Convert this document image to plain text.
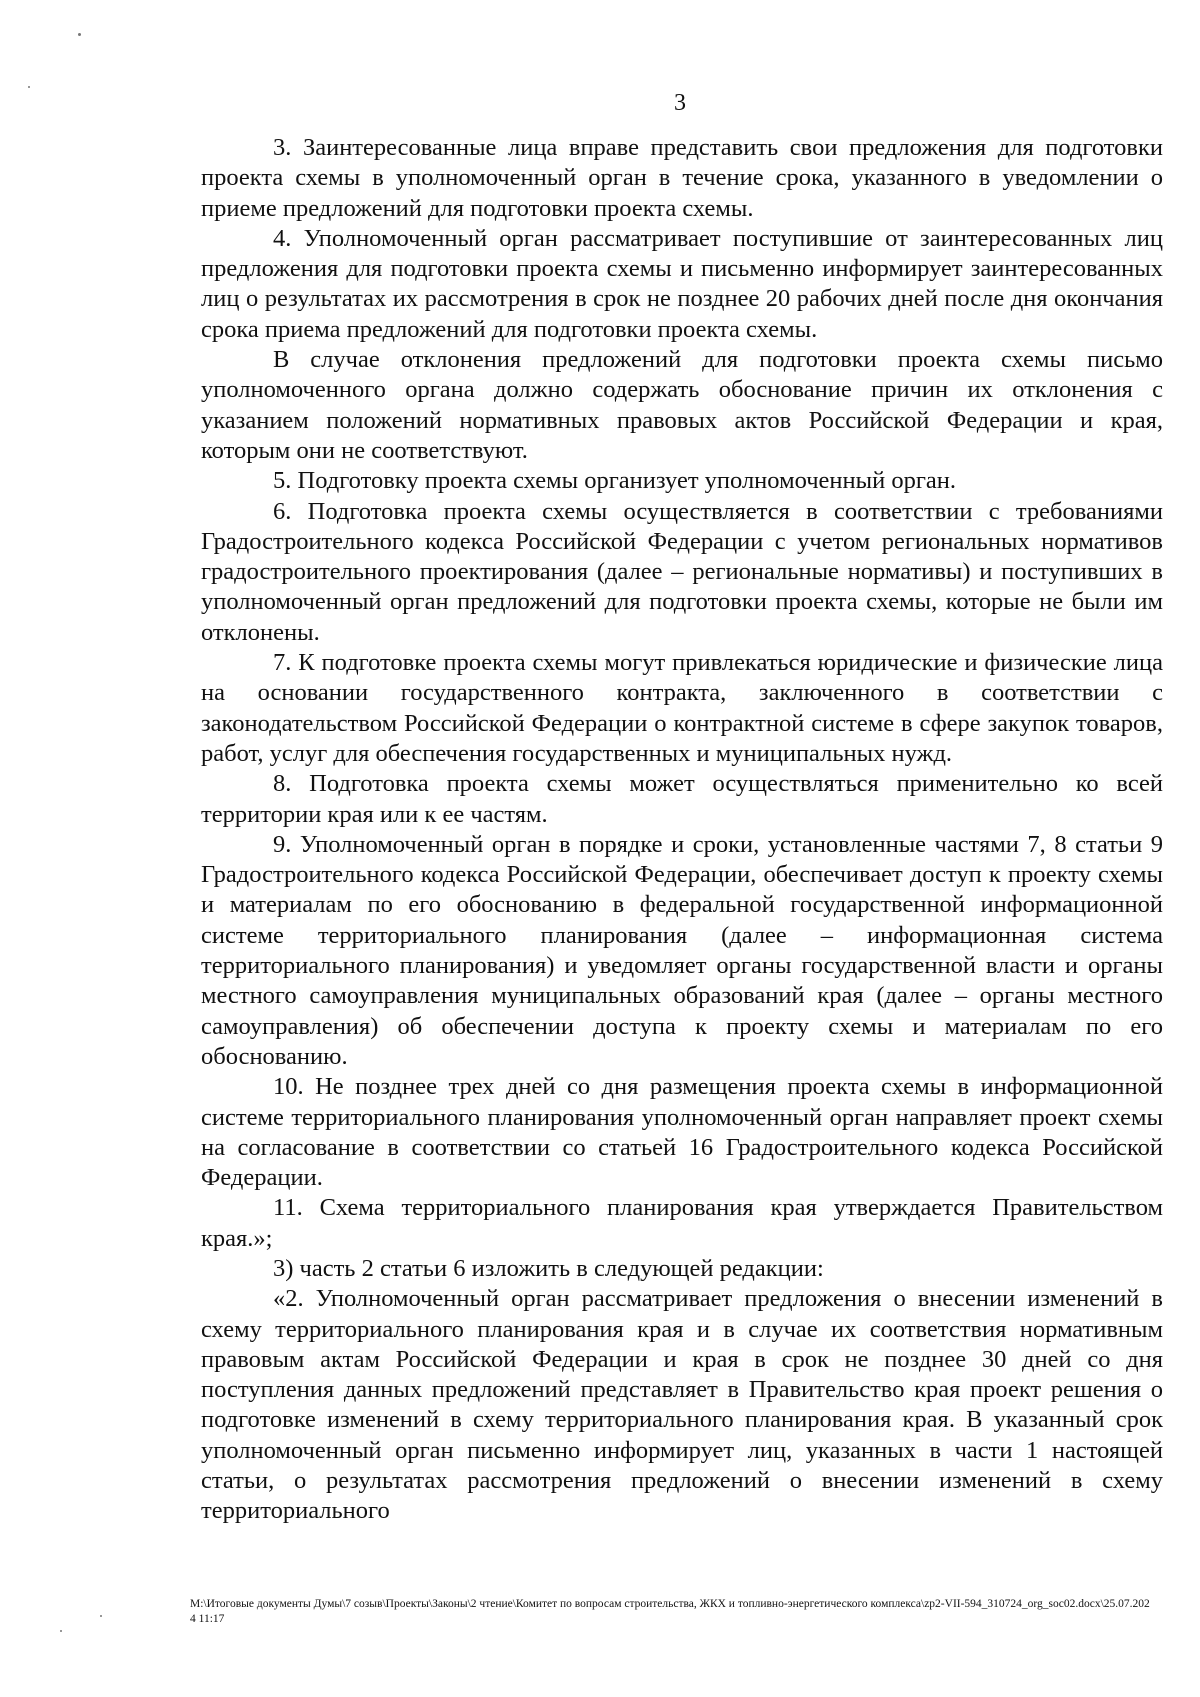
3

3. Заинтересованные лица вправе представить свои предложения для подготовки проекта схемы в уполномоченный орган в течение срока, указанного в уведомлении о приеме предложений для подготовки проекта схемы.

4. Уполномоченный орган рассматривает поступившие от заинтересованных лиц предложения для подготовки проекта схемы и письменно информирует заинтересованных лиц о результатах их рассмотрения в срок не позднее 20 рабочих дней после дня окончания срока приема предложений для подготовки проекта схемы.

В случае отклонения предложений для подготовки проекта схемы письмо уполномоченного органа должно содержать обоснование причин их отклонения с указанием положений нормативных правовых актов Российской Федерации и края, которым они не соответствуют.

5. Подготовку проекта схемы организует уполномоченный орган.

6. Подготовка проекта схемы осуществляется в соответствии с требованиями Градостроительного кодекса Российской Федерации с учетом региональных нормативов градостроительного проектирования (далее – региональные нормативы) и поступивших в уполномоченный орган предложений для подготовки проекта схемы, которые не были им отклонены.

7. К подготовке проекта схемы могут привлекаться юридические и физические лица на основании государственного контракта, заключенного в соответствии с законодательством Российской Федерации о контрактной системе в сфере закупок товаров, работ, услуг для обеспечения государственных и муниципальных нужд.

8. Подготовка проекта схемы может осуществляться применительно ко всей территории края или к ее частям.

9. Уполномоченный орган в порядке и сроки, установленные частями 7, 8 статьи 9 Градостроительного кодекса Российской Федерации, обеспечивает доступ к проекту схемы и материалам по его обоснованию в федеральной государственной информационной системе территориального планирования (далее – информационная система территориального планирования) и уведомляет органы государственной власти и органы местного самоуправления муниципальных образований края (далее – органы местного самоуправления) об обеспечении доступа к проекту схемы и материалам по его обоснованию.

10. Не позднее трех дней со дня размещения проекта схемы в информационной системе территориального планирования уполномоченный орган направляет проект схемы на согласование в соответствии со статьей 16 Градостроительного кодекса Российской Федерации.

11. Схема территориального планирования края утверждается Правительством края.»;

3) часть 2 статьи 6 изложить в следующей редакции:

«2. Уполномоченный орган рассматривает предложения о внесении изменений в схему территориального планирования края и в случае их соответствия нормативным правовым актам Российской Федерации и края в срок не позднее 30 дней со дня поступления данных предложений представляет в Правительство края проект решения о подготовке изменений в схему территориального планирования края. В указанный срок уполномоченный орган письменно информирует лиц, указанных в части 1 настоящей статьи, о результатах рассмотрения предложений о внесении изменений в схему территориального

M:\Итоговые документы Думы\7 созыв\Проекты\Законы\2 чтение\Комитет по вопросам строительства, ЖКХ и топливно-энергетического комплекса\zp2-VII-594_310724_org_soc02.docx\25.07.2024 11:17
